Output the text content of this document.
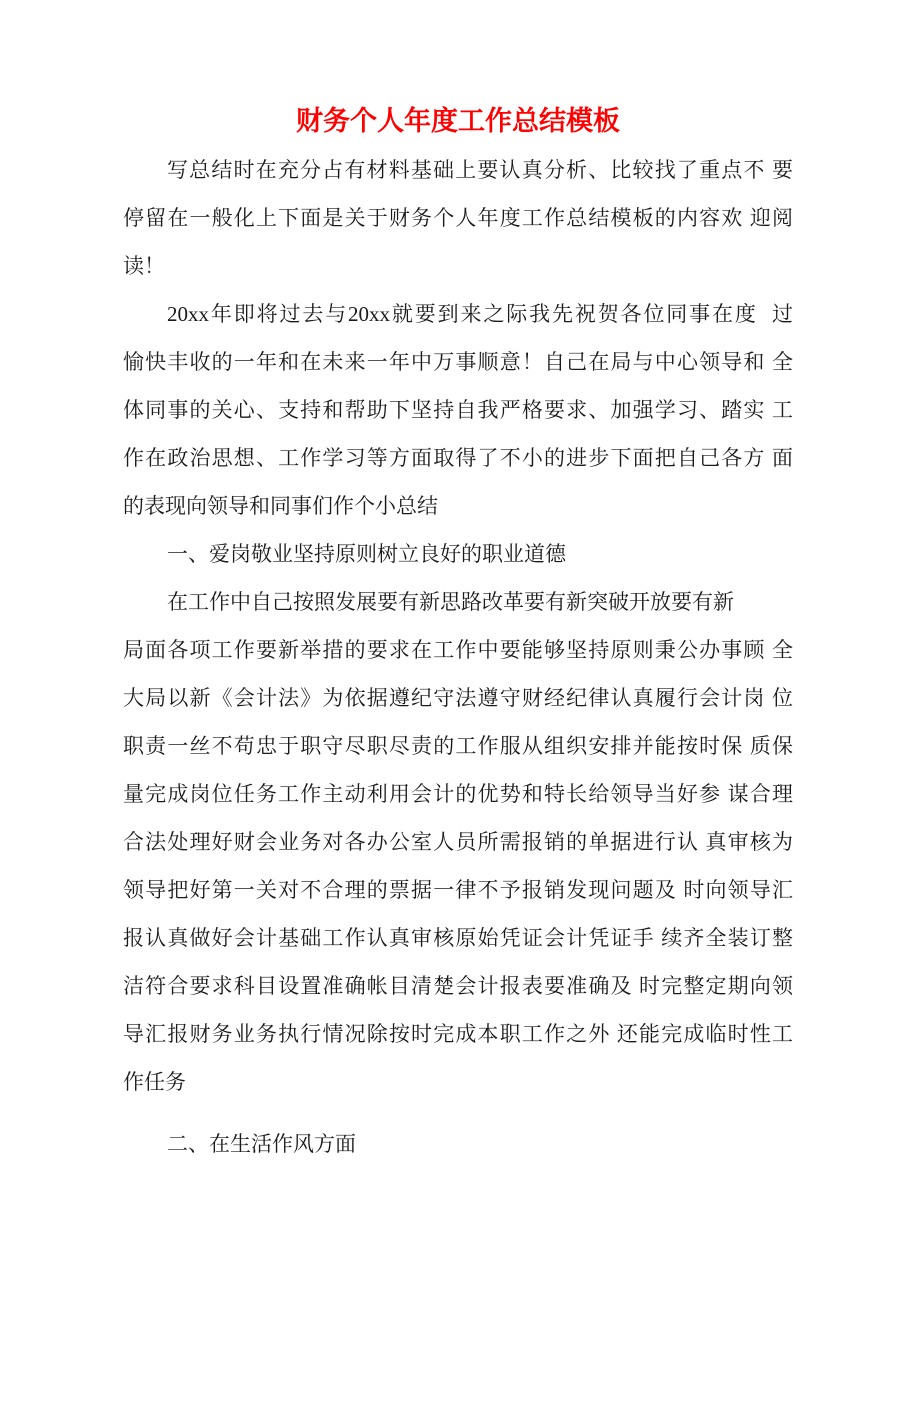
财务个人年度工作总结模板
写总结时在充分占有材料基础上要认真分析、比较找了重点不 要
停留在一般化上下面是关于财务个人年度工作总结模板的内容欢 迎阅
读！
20xx年即将过去与20xx就要到来之际我先祝贺各位同事在度  过
愉快丰收的一年和在未来一年中万事顺意！自己在局与中心领导和 全
体同事的关心、支持和帮助下坚持自我严格要求、加强学习、踏实 工
作在政治思想、工作学习等方面取得了不小的进步下面把自己各方 面
的表现向领导和同事们作个小总结
一、爱岗敬业坚持原则树立良好的职业道德
在工作中自己按照发展要有新思路改革要有新突破开放要有新
局面各项工作要新举措的要求在工作中要能够坚持原则秉公办事顾 全
大局以新《会计法》为依据遵纪守法遵守财经纪律认真履行会计岗 位
职责一丝不苟忠于职守尽职尽责的工作服从组织安排并能按时保 质保
量完成岗位任务工作主动利用会计的优势和特长给领导当好参 谋合理
合法处理好财会业务对各办公室人员所需报销的单据进行认 真审核为
领导把好第一关对不合理的票据一律不予报销发现问题及 时向领导汇
报认真做好会计基础工作认真审核原始凭证会计凭证手 续齐全装订整
洁符合要求科目设置准确帐目清楚会计报表要准确及 时完整定期向领
导汇报财务业务执行情况除按时完成本职工作之外 还能完成临时性工
作任务
二、在生活作风方面
